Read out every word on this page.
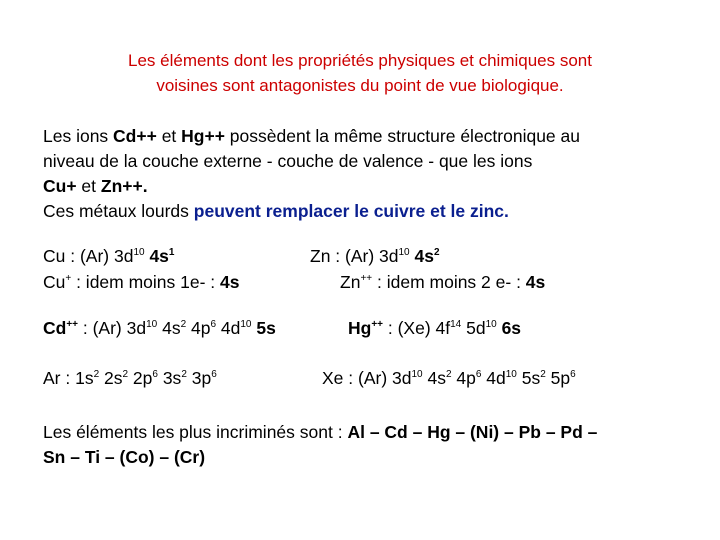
Les éléments dont les propriétés physiques et chimiques sont
voisines sont antagonistes du point de vue biologique.
Les ions Cd++ et Hg++ possèdent la même structure électronique au
niveau de la couche externe - couche de valence - que les ions
Cu+ et Zn++.
Ces métaux lourds peuvent remplacer le cuivre et le zinc.
Cu : (Ar) $3d^{10}$ $4s^1$	Zn : (Ar) $3d^{10}$ $4s^2$
Cu+ : idem moins 1e- : 4s	Zn++ : idem moins 2 e- : 4s
Cd++ : (Ar) $3d^{10}$ $4s^2$ $4p^6$ $4d^{10}$ 5s	Hg++ : (Xe) $4f^{14}$ $5d^{10}$ 6s
Ar : $1s^2$ $2s^2$ $2p^6$ $3s^2$ $3p^6$	Xe : (Ar) $3d^{10}$ $4s^2$ $4p^6$ $4d^{10}$ $5s^2$ $5p^6$
Les éléments les plus incriminés sont : Al – Cd – Hg – (Ni) – Pb – Pd –
Sn – Ti – (Co) – (Cr)
